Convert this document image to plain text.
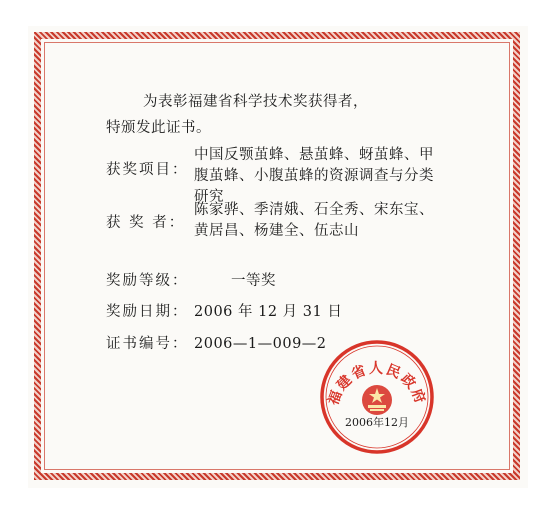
为表彰福建省科学技术奖获得者，
特颁发此证书。
获奖项目：
中国反颚茧蜂、悬茧蜂、蚜茧蜂、甲
腹茧蜂、小腹茧蜂的资源调查与分类
研究
获 奖 者：
陈家骅、季清娥、石全秀、宋东宝、
黄居昌、杨建全、伍志山
奖励等级：	一等奖
奖励日期： 2006 年 12 月 31 日
证书编号： 2006—1—009—2
福建省人民政府
2006年12月
